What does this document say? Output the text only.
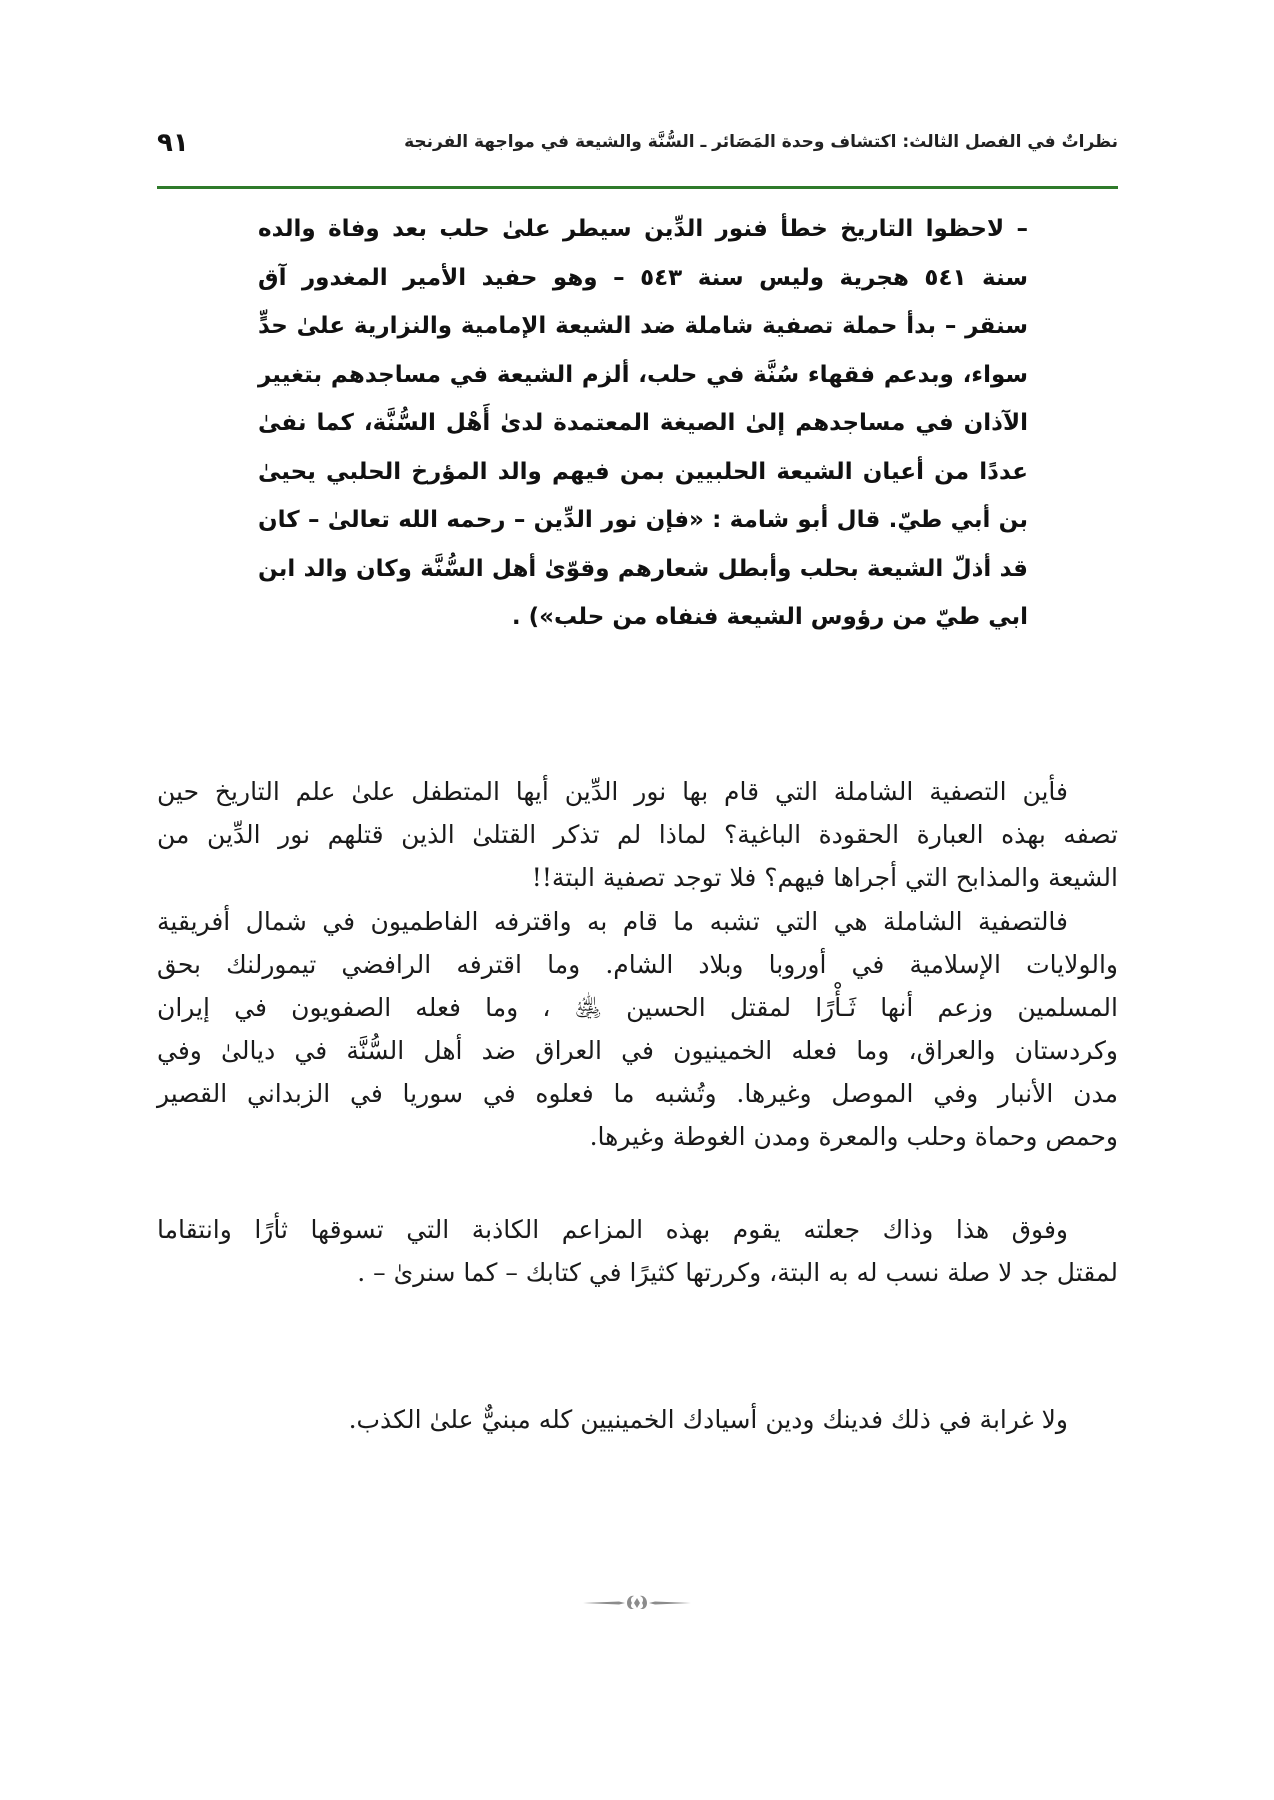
٩١	نظراتٌ في الفصل الثالث: اكتشاف وحدة المَصَائر ـ السُّنَّة والشيعة في مواجهة الفرنجة
– لاحظوا التاريخ خطأ فنور الدِّين سيطر علىٰ حلب بعد وفاة والده
سنة ٥٤١ هجرية وليس سنة ٥٤٣ – وهو حفيد الأمير المغدور آق
سنقر – بدأ حملة تصفية شاملة ضد الشيعة الإمامية والنزارية علىٰ حدٍّ
سواء، وبدعم فقهاء سُنَّة في حلب، ألزم الشيعة في مساجدهم بتغيير
الآذان في مساجدهم إلىٰ الصيغة المعتمدة لدىٰ أَهْل السُّنَّة، كما نفىٰ
عددًا من أعيان الشيعة الحلبيين بمن فيهم والد المؤرخ الحلبي يحيىٰ
بن أبي طيّ. قال أبو شامة : «فإن نور الدِّين – رحمه الله تعالىٰ – كان
قد أذلّ الشيعة بحلب وأبطل شعارهم وقوّىٰ أهل السُّنَّة وكان والد ابن
ابي طيّ من رؤوس الشيعة فنفاه من حلب») .
فأين التصفية الشاملة التي قام بها نور الدِّين أيها المتطفل علىٰ علم التاريخ حين
تصفه بهذه العبارة الحقودة الباغية؟ لماذا لم تذكر القتلىٰ الذين قتلهم نور الدِّين من
الشيعة والمذابح التي أجراها فيهم؟ فلا توجد تصفية البتة!!
فالتصفية الشاملة هي التي تشبه ما قام به واقترفه الفاطميون في شمال أفريقية
والولايات الإسلامية في أوروبا وبلاد الشام. وما اقترفه الرافضي تيمورلنك بحق
المسلمين وزعم أنها ثَـأْرًا لمقتل الحسين ﵁ ، وما فعله الصفويون في إيران
وكردستان والعراق، وما فعله الخمينيون في العراق ضد أهل السُّنَّة في ديالىٰ وفي
مدن الأنبار وفي الموصل وغيرها. وتُشبه ما فعلوه في سوريا في الزبداني القصير
وحمص وحماة وحلب والمعرة ومدن الغوطة وغيرها.
وفوق هذا وذاك جعلته يقوم بهذه المزاعم الكاذبة التي تسوقها ثأرًا وانتقاما
لمقتل جد لا صلة نسب له به البتة، وكررتها كثيرًا في كتابك – كما سنرىٰ – .
ولا غرابة في ذلك فدينك ودين أسيادك الخمينيين كله مبنيٌّ علىٰ الكذب.
